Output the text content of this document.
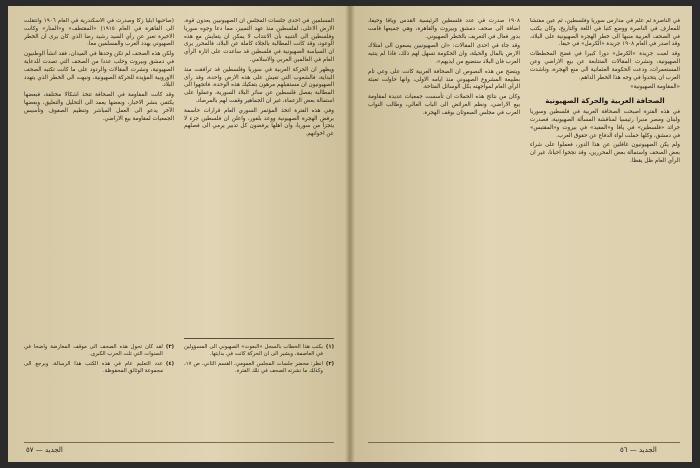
المسلمين في احدى جلسات المجلس ان الصهيونيين يعدون قوة، الارض الاعلى، لفلسطين منذ عهد التمييز، مما دعا وجوه سوريا وفلسطين الى التنبيه بأن الانتداب لا يمكن ان يتعايش مع هذه الوعود، وقد كانت المطالبة بالجلاء كاملة عن البلاد، فالمحرر يرى ان السياسة الصهيونية في فلسطين قد ساعدت على اثارة الرأي العام في العالمين العربي والاسلامي.

ويظهر ان الحركة العربية في سوريا وفلسطين قد ترافقت منذ البداية، فالشعوب التي تعيش على هذه الارض واحدة، وقد رأى الصهيونيون ان مستقبلهم مرهون بتفكيك هذه الوحدة، فاتجهوا الى المطالبة بفصل فلسطين عن سائر البلاد السورية، وعملوا على استمالة بعض الزعماء، غير ان الجماهير وقفت لهم بالمرصاد.

وفي هذه الفترة اتخذ المؤتمر السوري العام قرارات حاسمة برفض الهجرة الصهيونية ووعد بلفور، واعلن ان فلسطين جزء لا يتجزأ من سوريا، وان اهلها يرفضون كل تدبير يرمي الى فصلهم عن اخوانهم.

(صاحبها ابليا زكا وصدرت في الاسكندرية في العام ١٩٠٦ وانتقلت الى القاهرة في العام ١٩١٥) «المقتطف» و«المنار» وكانت الاخيرة تعبر عن رأي السيد رشيد رضا الذي كان يرى ان الخطر الصهيوني يهدد العرب والمسلمين معا.

ولكن هذه الصحف لم تكن وحدها في الميدان، فقد انشأ الوطنيون في دمشق وبيروت وحلب عددا من الصحف التي تصدت للدعاية الصهيونية، ونشرت المقالات والردود على ما كانت تكتبه الصحف الاوروبية المؤيدة للحركة الصهيونية، ونبهت الى الخطر الذي يتهدد البلاد.

وقد كانت المقاومة في الصحافة تتخذ اشكالا مختلفة، فبعضها يكتفي بنشر الاخبار، وبعضها يعمد الى التحليل والتعليق، وبعضها الآخر يدعو الى العمل المباشر وتنظيم الصفوف وتأسيس الجمعيات لمقاومة بيع الاراضي.

(١)
يكتب هذا الخطاب بالسجل «البعوث» الصهيوني الى المسؤولين في العاصمة، ويشير الى ان الحركة كانت في بدايتها.
(٢)
انظر: محضر جلسات المجلس العمومي، القسم الثاني، ص ١٧، وكذلك ما نشرته الصحف في تلك الفترة.
(٣)
لقد كان تحول هذه الصحف الى موقف المعارضة واضحا في السنوات التي تلت الحرب الكبرى.
(٤)
عدد التعليم عام في هذه الكتب هذا الرسالة، ويرجع الى مجموعة الوثائق المحفوظة.
الجديد — ٥٧

في الناصرة ثم علم في مدارس سوريا وفلسطين، ثم عين مفتشا للمعارف في الناصرة ووضع كتبا في اللغة والتاريخ، وكان يكتب في الصحف العربية منبها الى خطر الهجرة الصهيونية على البلاد، وقد اصدر في العام ١٩٠٨ جريدة «الكرمل» في حيفا.

وقد لعبت جريدة «الكرمل» دورا كبيرا في فضح المخططات الصهيونية، ونشرت المقالات المتتابعة عن بيع الاراضي وعن المستعمرات، ودعت الحكومة العثمانية الى منع الهجرة، وناشدت العرب ان يتحدوا في وجه هذا الخطر الداهم.

«المقاومة الصهيونية»

الصحافة العربية والحركة الصهيونية

في هذه الفترة اصبحت الصحافة العربية في فلسطين وسوريا ولبنان ومصر منبرا رئيسيا لمناقشة المسألة الصهيونية، فصدرت جرائد «فلسطين» في يافا و«المفيد» في بيروت و«المقتبس» في دمشق، وكلها حملت لواء الدفاع عن حقوق العرب.

ولم يكن الصهيونيون غافلين عن هذا الدور، فعملوا على شراء بعض الصحف واستمالة بعض المحررين، وقد نجحوا احيانا، غير ان الرأي العام ظل يقظا.

١٩٠٨ صدرت في عدد فلسطين الرئيسية القدس ويافا وحيفا، اضافة الى صحف دمشق وبيروت والقاهرة، وهي جميعها قامت بدور فعال في التعريف بالخطر الصهيوني.

وقد جاء في احدى المقالات: «ان الصهيونيين يسعون الى امتلاك الارض بالمال والحيلة، وان الحكومة تسهل لهم ذلك، فاذا لم ينتبه العرب فان البلاد ستضيع من ايديهم».

ويتضح من هذه النصوص ان الصحافة العربية كانت على وعي تام بطبيعة المشروع الصهيوني منذ ايامه الاولى، وانها حاولت تعبئة الرأي العام لمواجهته بكل الوسائل المتاحة.

وكان من نتائج هذه الحملات ان تأسست جمعيات عديدة لمقاومة بيع الاراضي، ونظم العرائض الى الباب العالي، وطالب النواب العرب في مجلس المبعوثان بوقف الهجرة.

الجديد — ٥٦
